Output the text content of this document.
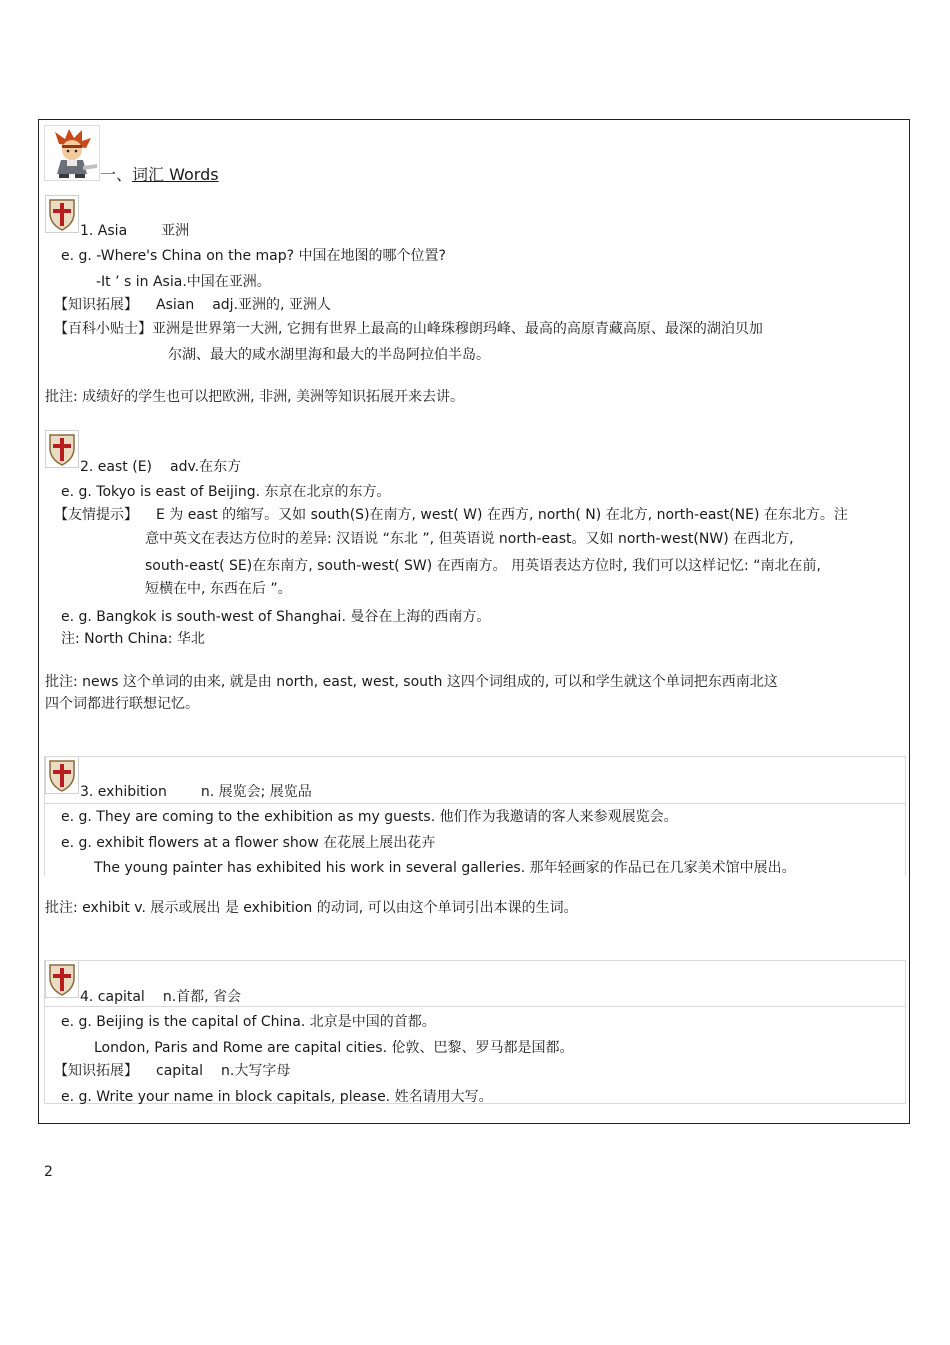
一、词汇 Words
1. Asia 亚洲
e. g. -Where's China on the map? 中国在地图的哪个位置?
-It ’ s in Asia.中国在亚洲。
【知识拓展】 Asian adj.亚洲的, 亚洲人
【百科小贴士】亚洲是世界第一大洲, 它拥有世界上最高的山峰珠穆朗玛峰、最高的高原青藏高原、最深的湖泊贝加
尔湖、最大的咸水湖里海和最大的半岛阿拉伯半岛。
批注: 成绩好的学生也可以把欧洲, 非洲, 美洲等知识拓展开来去讲。
2. east (E) adv.在东方
e. g. Tokyo is east of Beijing. 东京在北京的东方。
【友情提示】 E 为 east 的缩写。又如 south(S)在南方, west( W) 在西方, north( N) 在北方, north-east(NE) 在东北方。注
意中英文在表达方位时的差异: 汉语说 “东北 ”, 但英语说 north-east。又如 north-west(NW) 在西北方,
south-east( SE)在东南方, south-west( SW) 在西南方。 用英语表达方位时, 我们可以这样记忆: “南北在前,
短横在中, 东西在后 ”。
e. g. Bangkok is south-west of Shanghai. 曼谷在上海的西南方。
注: North China: 华北
批注: news 这个单词的由来, 就是由 north, east, west, south 这四个词组成的, 可以和学生就这个单词把东西南北这
四个词都进行联想记忆。
3. exhibition n. 展览会; 展览品
e. g. They are coming to the exhibition as my guests. 他们作为我邀请的客人来参观展览会。
e. g. exhibit flowers at a flower show 在花展上展出花卉
The young painter has exhibited his work in several galleries. 那年轻画家的作品已在几家美术馆中展出。
批注: exhibit v. 展示或展出 是 exhibition 的动词, 可以由这个单词引出本课的生词。
4. capital n.首都, 省会
e. g. Beijing is the capital of China. 北京是中国的首都。
London, Paris and Rome are capital cities. 伦敦、巴黎、罗马都是国都。
【知识拓展】 capital n.大写字母
e. g. Write your name in block capitals, please. 姓名请用大写。
2
